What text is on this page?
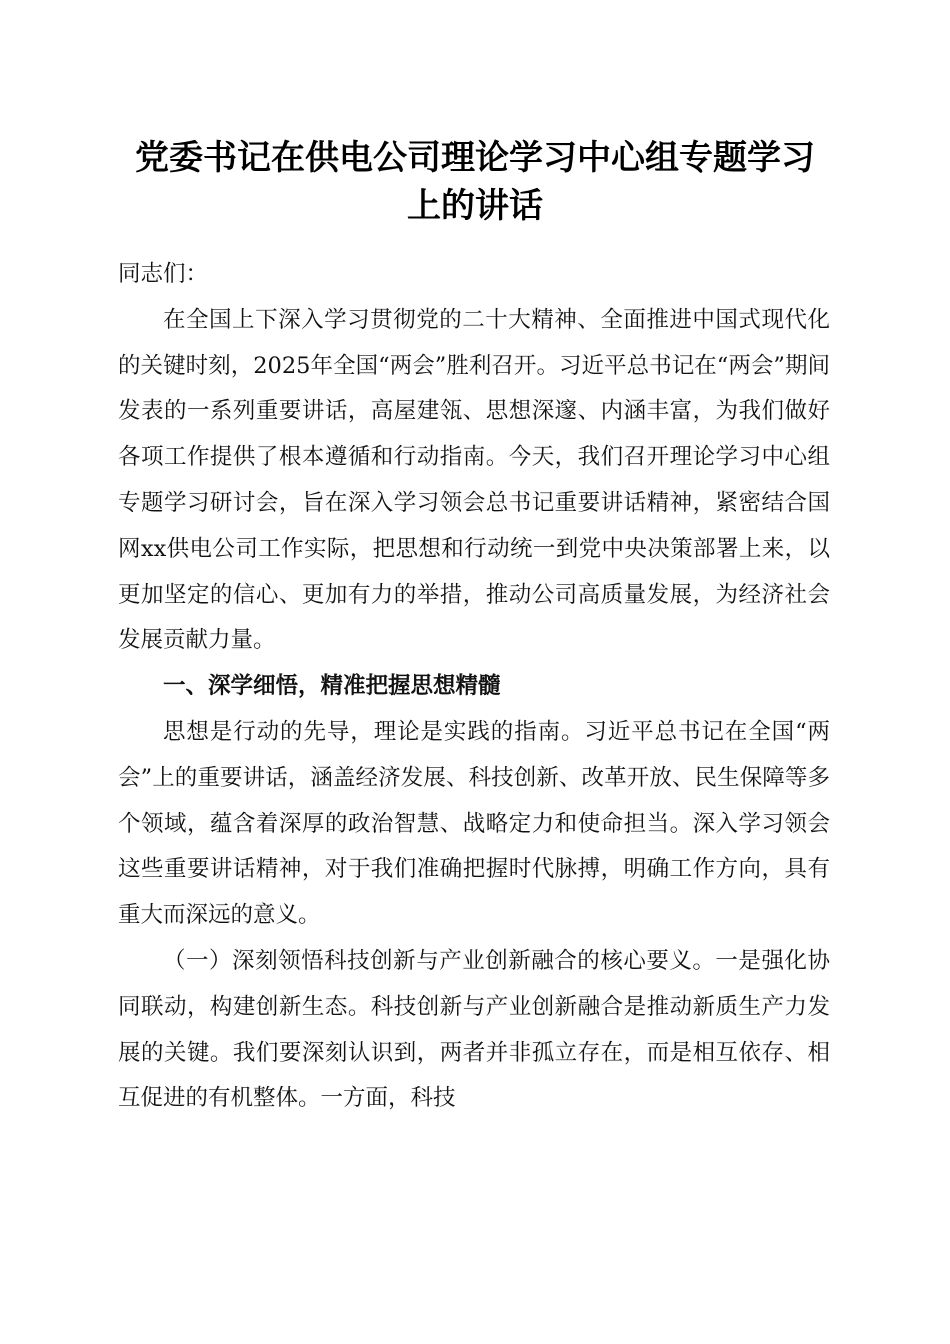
党委书记在供电公司理论学习中心组专题学习
上的讲话

同志们：

在全国上下深入学习贯彻党的二十大精神、全面推进中国式现代化的关键时刻，2025年全国“两会”胜利召开。习近平总书记在“两会”期间发表的一系列重要讲话，高屋建瓴、思想深邃、内涵丰富，为我们做好各项工作提供了根本遵循和行动指南。今天，我们召开理论学习中心组专题学习研讨会，旨在深入学习领会总书记重要讲话精神，紧密结合国网xx供电公司工作实际，把思想和行动统一到党中央决策部署上来，以更加坚定的信心、更加有力的举措，推动公司高质量发展，为经济社会发展贡献力量。

一、深学细悟，精准把握思想精髓

思想是行动的先导，理论是实践的指南。习近平总书记在全国“两会”上的重要讲话，涵盖经济发展、科技创新、改革开放、民生保障等多个领域，蕴含着深厚的政治智慧、战略定力和使命担当。深入学习领会这些重要讲话精神，对于我们准确把握时代脉搏，明确工作方向，具有重大而深远的意义。

（一）深刻领悟科技创新与产业创新融合的核心要义。一是强化协同联动，构建创新生态。科技创新与产业创新融合是推动新质生产力发展的关键。我们要深刻认识到，两者并非孤立存在，而是相互依存、相互促进的有机整体。一方面，科技
